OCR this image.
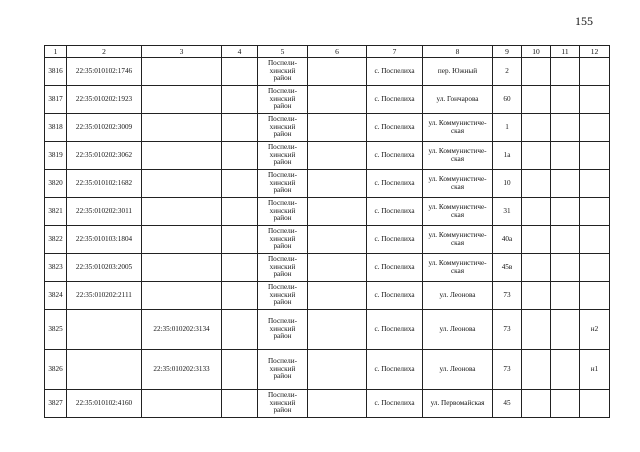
155
1	2	3	4	5	6	7	8	9	10	11	12
3816	22:35:010102:1746			Поспели-
хинский
район		с. Поспелиха	пер. Южный	2			
3817	22:35:010202:1923			Поспели-
хинский
район		с. Поспелиха	ул. Гончарова	60			
3818	22:35:010202:3009			Поспели-
хинский
район		с. Поспелиха	ул. Коммунистиче-
ская	1			
3819	22:35:010202:3062			Поспели-
хинский
район		с. Поспелиха	ул. Коммунистиче-
ская	1а			
3820	22:35:010102:1682			Поспели-
хинский
район		с. Поспелиха	ул. Коммунистиче-
ская	10			
3821	22:35:010202:3011			Поспели-
хинский
район		с. Поспелиха	ул. Коммунистиче-
ская	31			
3822	22:35:010103:1804			Поспели-
хинский
район		с. Поспелиха	ул. Коммунистиче-
ская	40а			
3823	22:35:010203:2005			Поспели-
хинский
район		с. Поспелиха	ул. Коммунистиче-
ская	45в			
3824	22:35:010202:2111			Поспели-
хинский
район		с. Поспелиха	ул. Леонова	73			
3825		22:35:010202:3134		Поспели-
хинский
район		с. Поспелиха	ул. Леонова	73			н2
3826		22:35:010202:3133		Поспели-
хинский
район		с. Поспелиха	ул. Леонова	73			н1
3827	22:35:010102:4160			Поспели-
хинский
район		с. Поспелиха	ул. Первомайская	45			
